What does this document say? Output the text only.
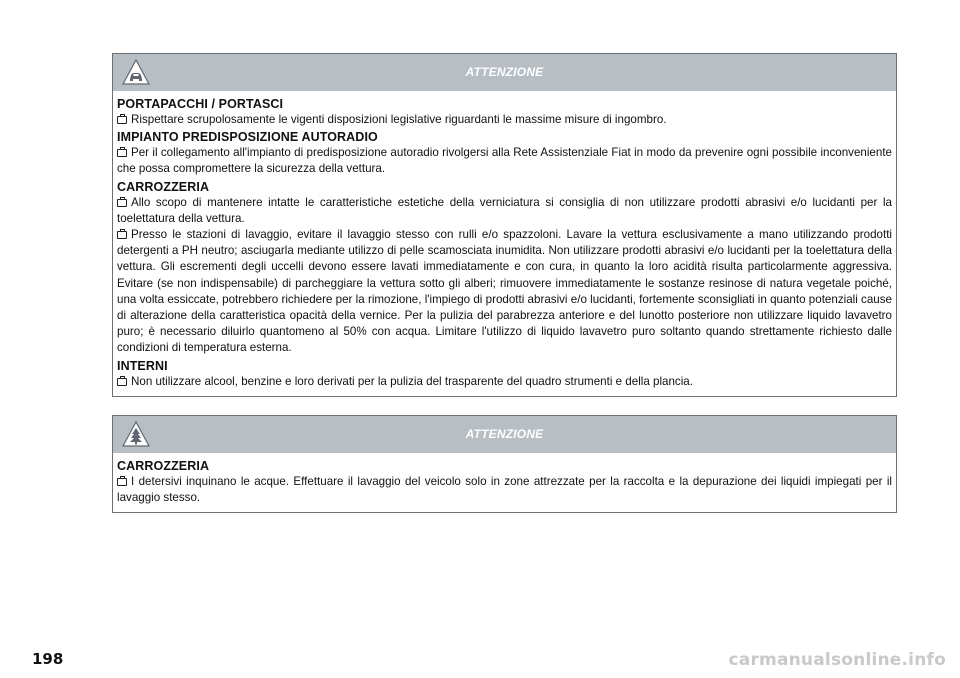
ATTENZIONE
PORTAPACCHI / PORTASCI

Rispettare scrupolosamente le vigenti disposizioni legislative riguardanti le massime misure di ingombro.

IMPIANTO PREDISPOSIZIONE AUTORADIO

Per il collegamento all'impianto di predisposizione autoradio rivolgersi alla Rete Assistenziale Fiat in modo da prevenire ogni possibile inconveniente che possa compromettere la sicurezza della vettura.

CARROZZERIA

Allo scopo di mantenere intatte le caratteristiche estetiche della verniciatura si consiglia di non utilizzare prodotti abrasivi e/o lucidanti per la toelettatura della vettura.

Presso le stazioni di lavaggio, evitare il lavaggio stesso con rulli e/o spazzoloni. Lavare la vettura esclusivamente a mano utilizzando prodotti detergenti a PH neutro; asciugarla mediante utilizzo di pelle scamosciata inumidita. Non utilizzare prodotti abrasivi e/o lucidanti per la toelettatura della vettura. Gli escrementi degli uccelli devono essere lavati immediatamente e con cura, in quanto la loro acidità risulta particolarmente aggressiva. Evitare (se non indispensabile) di parcheggiare la vettura sotto gli alberi; rimuovere immediatamente le sostanze resinose di natura vegetale poiché, una volta essiccate, potrebbero richiedere per la rimozione, l'impiego di prodotti abrasivi e/o lucidanti, fortemente sconsigliati in quanto potenziali cause di alterazione della caratteristica opacità della vernice. Per la pulizia del parabrezza anteriore e del lunotto posteriore non utilizzare liquido lavavetro puro; è necessario diluirlo quantomeno al 50% con acqua. Limitare l'utilizzo di liquido lavavetro puro soltanto quando strettamente richiesto dalle condizioni di temperatura esterna.

INTERNI

Non utilizzare alcool, benzine e loro derivati per la pulizia del trasparente del quadro strumenti e della plancia.

ATTENZIONE
CARROZZERIA

I detersivi inquinano le acque. Effettuare il lavaggio del veicolo solo in zone attrezzate per la raccolta e la depurazione dei liquidi impiegati per il lavaggio stesso.

198	carmanualsonline.info
